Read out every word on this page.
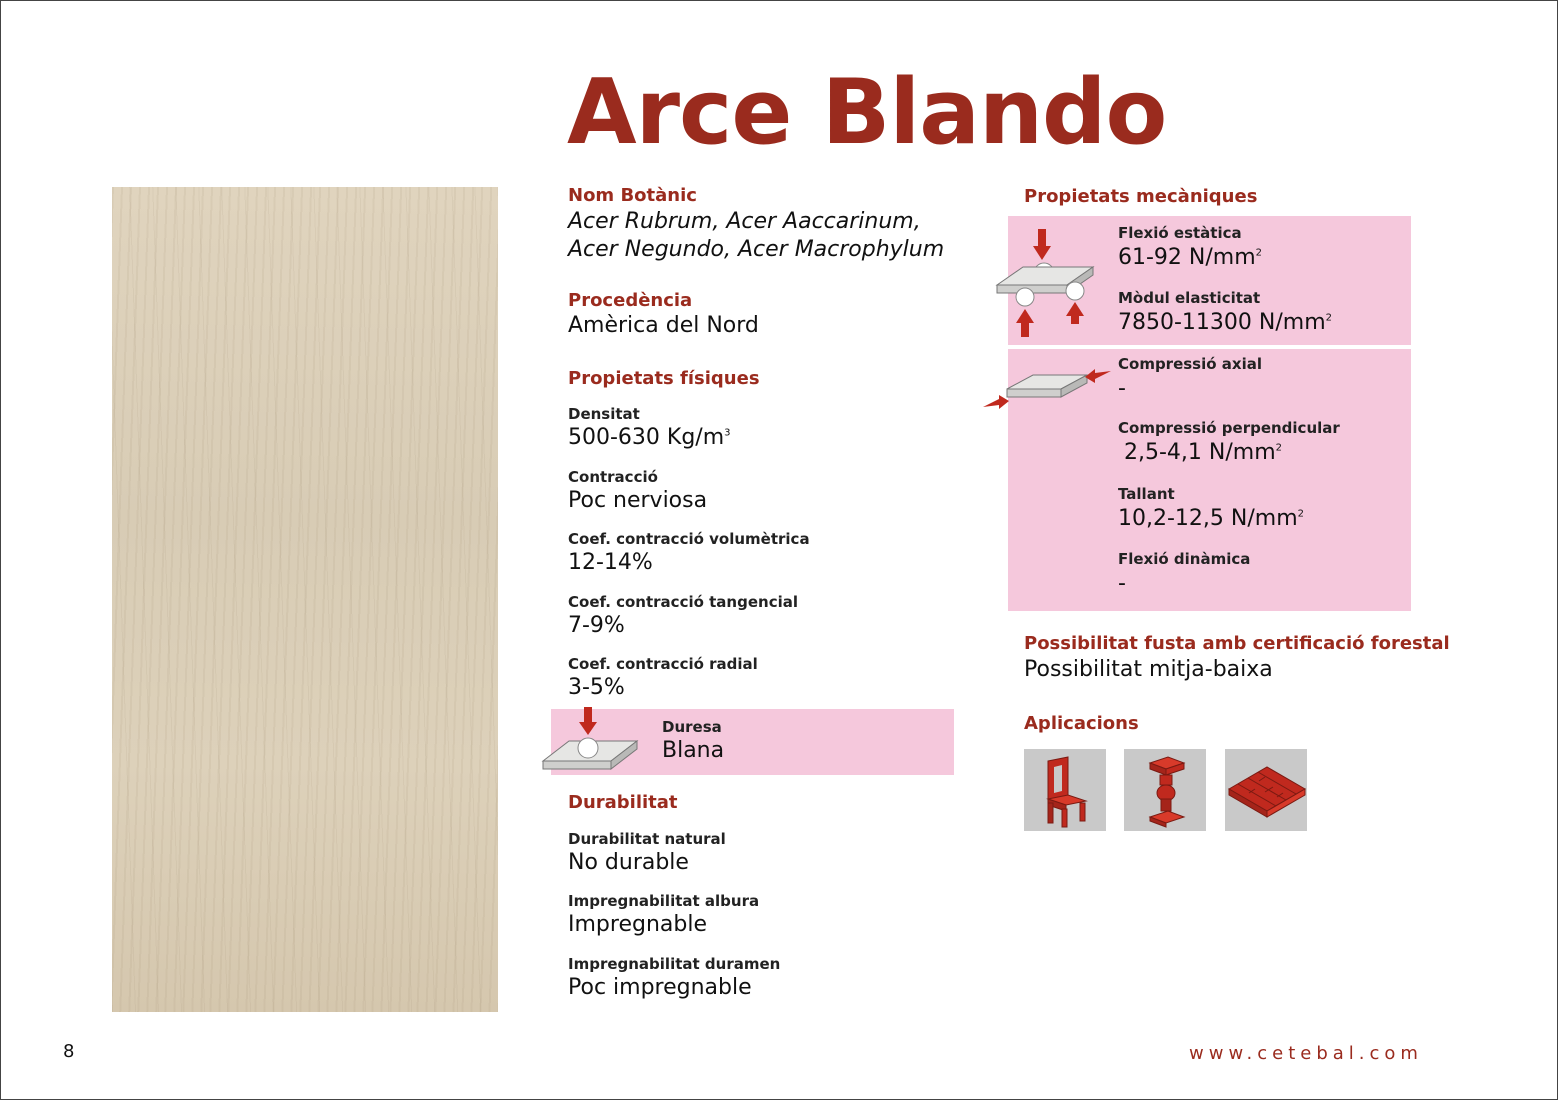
Arce Blando
Nom Botànic
Acer Rubrum, Acer Aaccarinum, Acer Negundo, Acer Macrophylum
Procedència
Amèrica del Nord
Propietats físiques
Densitat
500-630 $Kg/m^3$
Contracció
Poc nerviosa
Coef. contracció volumètrica
12-14%
Coef. contracció tangencial
7-9%
Coef. contracció radial
3-5%
Duresa
Blana
Durabilitat
Durabilitat natural
No durable
Impregnabilitat albura
Impregnable
Impregnabilitat duramen
Poc impregnable
Propietats mecàniques
Flexió estàtica
61-92 $N/mm^2$
Mòdul elasticitat
7850-11300 $N/mm^2$
Compressió axial
-
Compressió perpendicular
2,5-4,1 $N/mm^2$
Tallant
10,2-12,5 $N/mm^2$
Flexió dinàmica
-
Possibilitat fusta amb certificació forestal
Possibilitat mitja-baixa
Aplicacions
8	www.cetebal.com
